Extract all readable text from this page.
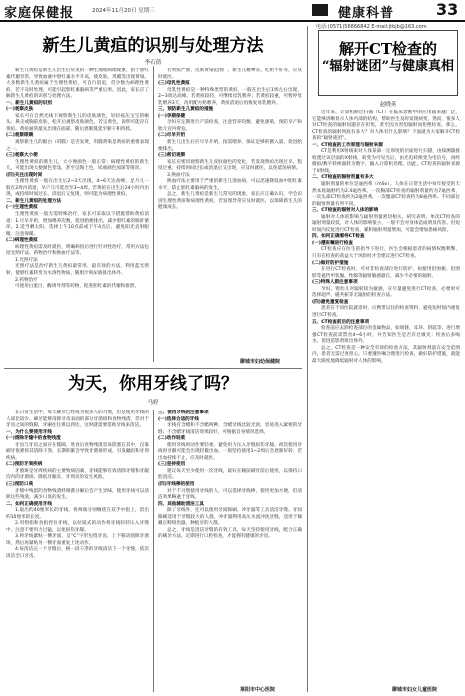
家庭保健报	2024年11月20日 星期三	健康科普	33
电话:(0571)56866842 E-mail:jtbjb@163.com
新生儿黄疸的识别与处理方法
李石倩

新生儿黄疸是新生儿出生后常见的一种生理或病理现象，由于胆红素代谢异常，导致血液中胆红素水平升高，使皮肤、巩膜等出现黄染。大多数新生儿黄疸属于生理性黄疸，可自行消退，但少数为病理性黄疸，若不及时处理，可能引起胆红素脑病等严重后果。因此，家长应了解新生儿黄疸的识别与处理方法。

一、新生儿黄疸的识别

(一)观察皮肤

家长可在自然光线下观察新生儿的皮肤颜色，轻轻按压宝宝的额头、鼻尖或胸前皮肤，松开后观察皮肤颜色，若呈黄色，说明可能存在黄疸。黄疸通常最先出现在面部，随后逐渐蔓延至躯干和四肢。

(二)观察眼睛

观察新生儿的眼白（巩膜）是否发黄，巩膜黄染是黄疸的重要表现之一。

(三)观察大小便

生理性黄疸的新生儿，大小便颜色一般正常；病理性黄疸的新生儿，可能出现大便颜色变浅，甚至呈陶土色，尿液颜色加深等情况。

(四)关注出现时间

生理性黄疸一般在出生后2~3天出现，4~6天达高峰，足月儿一般在2周内消退，早产儿可延迟至3~4周。若黄疸在出生后24小时内出现，或持续时间过长、消退后又复现，则可能为病理性黄疸。

二、新生儿黄疸的处理方法

(一)生理性黄疸

生理性黄疸一般无需特殊治疗，家长可采取以下措施帮助黄疸消退：1.尽早开奶，增加喂养次数，促进胎便排出，减少胆红素的肠肝循环。2.适当晒太阳，选择上午10点前或下午4点后，避免阳光直射眼睛，注意保暖。

(二)病理性黄疸

病理性黄疸需及时就医，明确病因后进行针对性治疗，常用方法包括光照疗法、药物治疗和换血疗法等。

1.光照疗法

光照疗法是治疗新生儿黄疸最常用、最有效的方法，利用蓝光照射，使胆红素转变为水溶性物质，随胆汁和尿液排出体外。

2.药物治疗

可使用白蛋白、酶诱导剂等药物，促进胆红素的代谢和排泄。

若黄疸严重、皮肤黄染范围广、新生儿精神差、吃奶不好等，应及时就医。

(三)母乳性黄疸

母乳性黄疸是一种特殊类型的黄疸，一般在出生后1周左右出现，2~3周达高峰。若黄疸较轻，可继续母乳喂养；若黄疸较重，可暂停母乳喂养3天，改用配方奶喂养，黄疸消退后再恢复母乳喂养。

三、预防新生儿黄疸的措施

(一)孕期保健

孕妇应定期进行产前检查，注意营养均衡，避免感染，预防早产和胎儿宫内窘迫。

(二)尽早开奶

新生儿出生后应尽早开奶，按需喂养，保证足够的摄入量，促进胎便排出。

(三)密切观察

家长应密切观察新生儿皮肤颜色的变化，若发现黄疸出现过早、程度过重、持续时间过长或消退后又出现，应及时就医，以免延误病情。

3.换血疗法

换血疗法主要用于严重的新生儿溶血病，可以迅速降低血中胆红素水平，防止胆红素脑病的发生。

总之，新生儿黄疸是新生儿常见的现象，家长应正确认识，学会识别生理性黄疸和病理性黄疸，若发现异常应及时就医，以保障新生儿的健康成长。

聊城市妇幼保健院
为天，你用牙线了吗？
马婷

在日常生活中，每天刷牙已经成为很多人的习惯，但是使用牙线的人却比较少。刷牙能够清除牙齿表面的部分牙菌斑和食物残渣，但对于牙齿之间的缝隙，牙刷往往难以到达，这时就需要借助牙线来清洁。

一、为什么要使用牙线

(一)清除牙缝中的食物残渣

牙齿与牙齿之间存在缝隙，进食后食物残渣容易嵌塞在其中，仅靠刷牙很难将其清除干净，长期积累会导致牙菌斑形成，引发龋齿和牙周疾病。

(二)预防牙周疾病

牙菌斑是牙周疾病的主要致病因素，牙线能够有效清除牙缝和牙龈沟内的牙菌斑，降低牙龈炎、牙周炎的发生风险。

(三)预防口臭

牙缝中残留的食物残渣经细菌分解后会产生异味，使用牙线可以清除这些残渣，减少口臭的发生。

二、如何正确使用牙线

1.取出约40厘米长的牙线，将两端分别缠绕在双手中指上，留出约10厘米的长度。

2.用拇指和食指捏住牙线，以拉锯式的动作将牙线轻轻压入牙缝中，注意不要用力过猛，以免损伤牙龈。

3.将牙线紧贴一侧牙面，呈“C”字形包绕牙齿，上下移动刮除牙菌斑，然后再紧贴另一侧牙面重复上述动作。

4.每清洁完一个牙缝后，换一段干净的牙线清洁下一个牙缝，依次清洁全口牙齿。

三、使用牙线的注意事项

(一)选择合适的牙线

牙线有含蜡和不含蜡两种，含蜡牙线比较光滑，容易进入紧密的牙缝；不含蜡牙线清洁效果较好，可根据自身情况选择。

(二)动作轻柔

使用牙线时动作要轻柔，避免用力压入牙缝损伤牙龈。初次使用牙线时牙龈可能会出现轻微出血，一般坚持使用1~2周后会逐渐好转；若出血持续不止，应及时就医。

(三)坚持使用

建议每天至少使用一次牙线，最好在睡前刷牙前后使用，以保持口腔清洁。

(四)牙线棒的使用

对于不习惯使用牙线的人，可以选择牙线棒，使用更加方便，但清洁效果略逊于牙线。

四、其他辅助清洁工具

除了牙线外，还可以使用牙间隙刷、冲牙器等工具清洁牙缝。牙间隙刷适用于牙缝较大的人群，冲牙器利用高压水流冲洗牙缝，适用于佩戴正畸矫治器、种植牙的人群。

总之，牙线是清洁牙缝的有效工具，每天坚持使用牙线，配合正确的刷牙方法，定期进行口腔检查，才能拥有健康的牙齿。

莱阳市中心医院
解开CT检查的
“辐射谜团”与健康真相
赵晓英

近年来，计算机断层扫描（CT）在临床诊断中的应用越来越广泛，它能够清晰显示人体内部的结构，帮助医生及时发现病变。然而，很多人对CT检查的辐射问题存在担忧，甚至因为害怕辐射而拒绝检查。那么，CT检查的辐射到底有多大？对人体有什么影响？下面就为大家解开CT检查的“辐射谜团”。

一、CT检查的工作原理与辐射来源

CT是利用X射线束对人体某部一定厚度的层面进行扫描，由探测器接收透过该层面的X射线，转变为可见光后，由光电转换变为电信号，再经模拟/数字转换器转为数字，输入计算机处理。因此，CT检查的辐射来源于X射线。

二、CT检查的辐射剂量有多大

辐射剂量的单位是毫西弗（mSv）。人体在日常生活中每年接受的天然本底辐射约为2.4毫西弗。一次胸部CT检查的辐射剂量约为7毫西弗，一次头部CT检查约为2毫西弗，一次腹部CT检查约为8毫西弗。不同部位的辐射剂量有所不同。

三、CT检查的辐射对人体的影响

辐射对人体的影响与辐射剂量密切相关。研究表明，单次CT检查的辐射剂量较低，对人体的影响很小，一般不会对身体造成明显伤害。但短时间内反复进行CT检查，累积辐射剂量增加，可能会增加患癌风险。

四、如何正确看待CT检查

(一)遵医嘱进行检查

CT检查应在医生的指导下进行，医生会根据患者的病情权衡利弊，只有在检查的获益大于风险时才会建议进行CT检查。

(二)做好防护措施

在进行CT检查时，可对非检查部位进行防护，如使用铅围裙、铅围脖等遮挡甲状腺、性腺等辐射敏感器官，减少不必要的辐射。

(三)特殊人群注意事项

孕妇、婴幼儿对辐射较为敏感，应尽量避免进行CT检查，必要时可选择超声、磁共振等无辐射的检查方法。

(四)避免重复检查

患者在不同医院就诊时，应携带以往的检查资料，避免短时间内重复进行CT检查。

五、CT检查前后的注意事项

检查前应去除检查部位的金属物品，如项链、耳环、钥匙等；进行增强CT检查前需禁食4~6小时，并告知医生是否有过敏史；检查后多喝水，促进造影剂排出体外。

总之，CT检查是一种安全有效的检查方法，其辐射剂量在安全范围内，患者无需过度担心。只要遵医嘱合理进行检查，做好防护措施，就能最大限度地降低辐射对人体的影响。

聊城市妇女儿童医院
